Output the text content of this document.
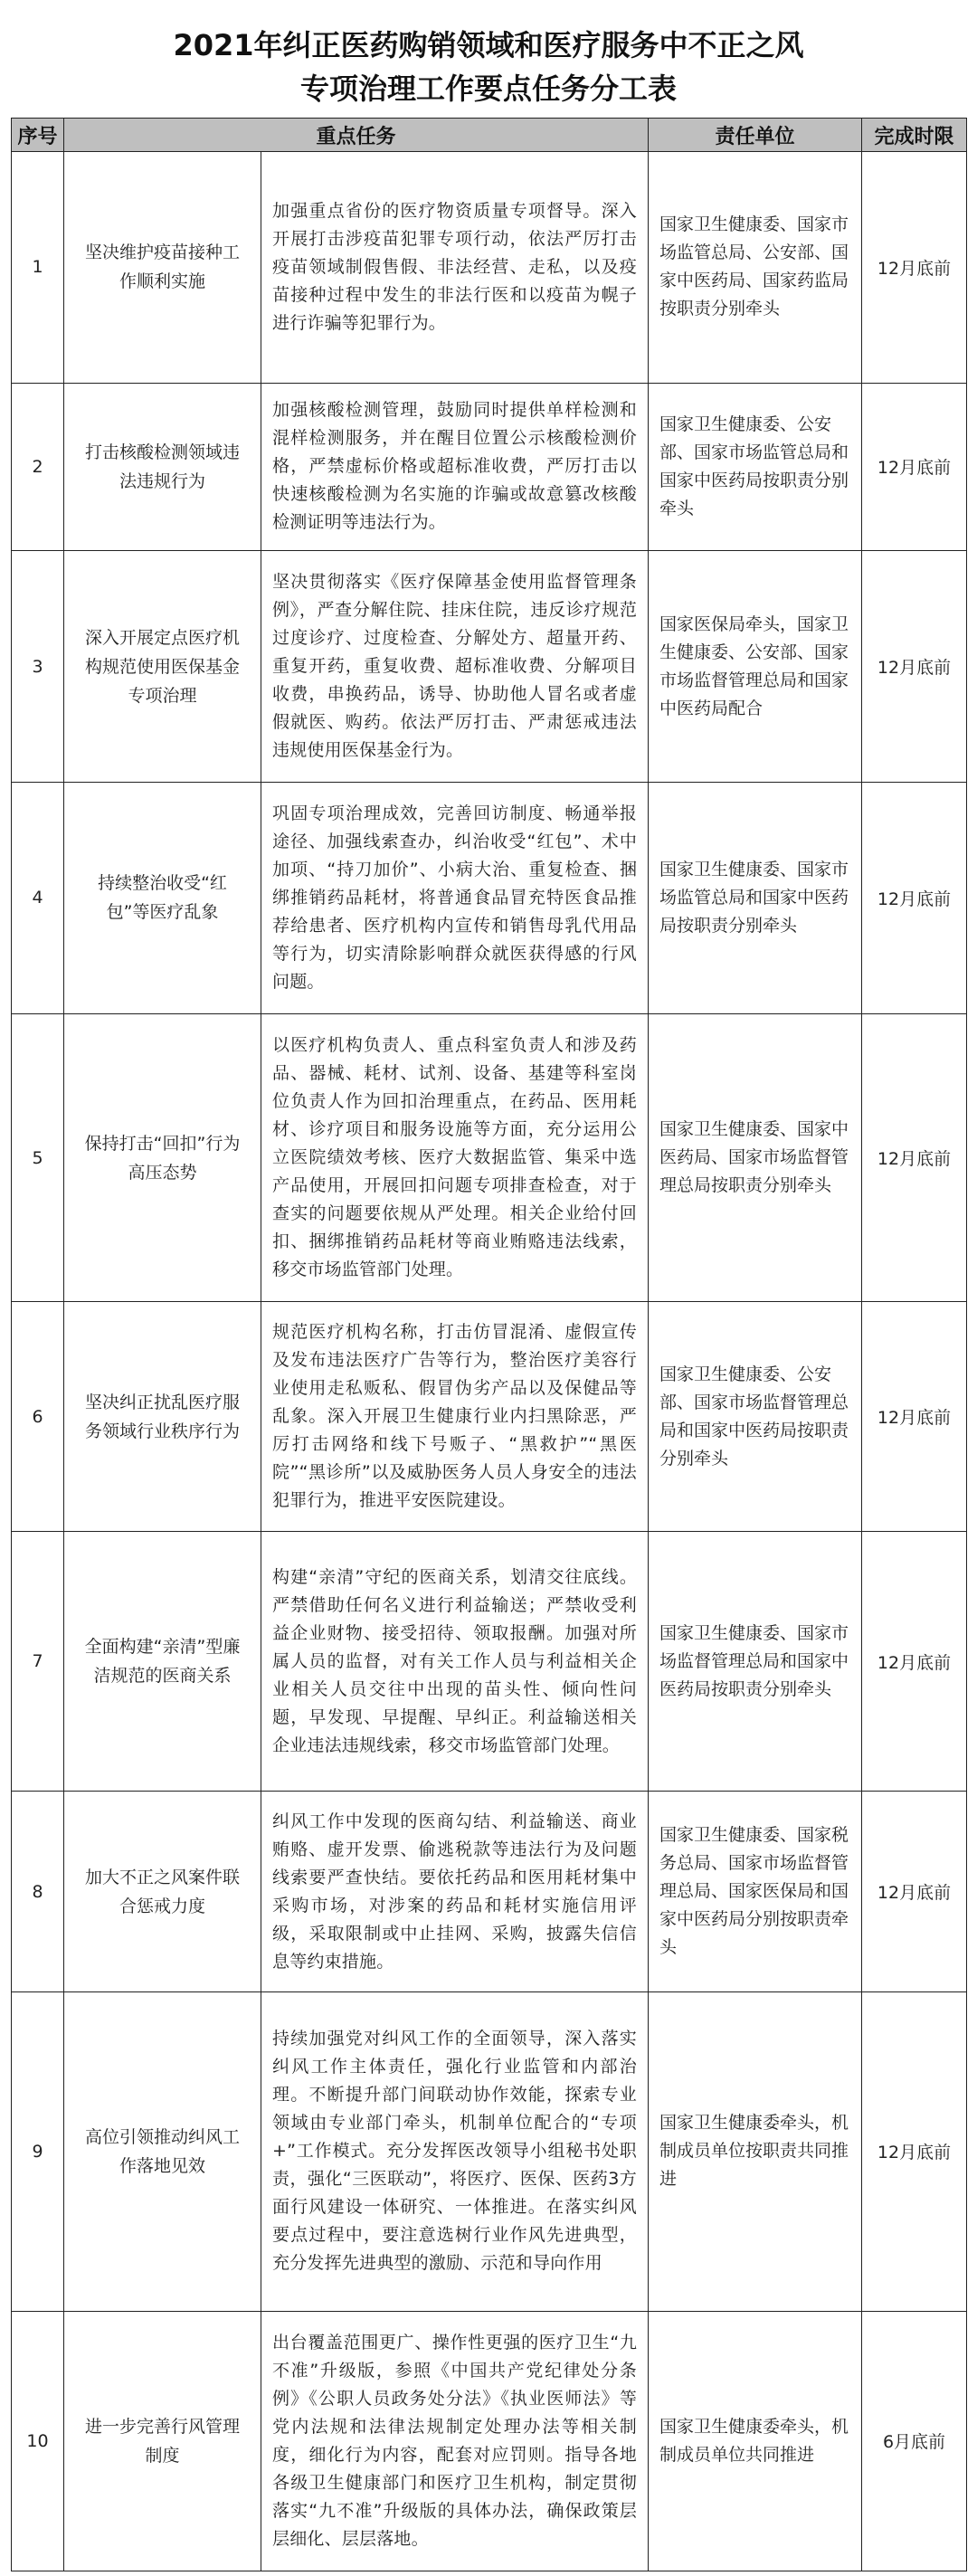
2021年纠正医药购销领域和医疗服务中不正之风
专项治理工作要点任务分工表
序号	重点任务		责任单位	完成时限
1	坚决维护疫苗接种工作顺利实施	加强重点省份的医疗物资质量专项督导。深入开展打击涉疫苗犯罪专项行动，依法严厉打击疫苗领域制假售假、非法经营、走私，以及疫苗接种过程中发生的非法行医和以疫苗为幌子进行诈骗等犯罪行为。	国家卫生健康委、国家市场监管总局、公安部、国家中医药局、国家药监局按职责分别牵头	12月底前
2	打击核酸检测领域违法违规行为	加强核酸检测管理，鼓励同时提供单样检测和混样检测服务，并在醒目位置公示核酸检测价格，严禁虚标价格或超标准收费，严厉打击以快速核酸检测为名实施的诈骗或故意篡改核酸检测证明等违法行为。	国家卫生健康委、公安部、国家市场监管总局和国家中医药局按职责分别牵头	12月底前
3	深入开展定点医疗机构规范使用医保基金专项治理	坚决贯彻落实《医疗保障基金使用监督管理条例》，严查分解住院、挂床住院，违反诊疗规范过度诊疗、过度检查、分解处方、超量开药、重复开药，重复收费、超标准收费、分解项目收费，串换药品，诱导、协助他人冒名或者虚假就医、购药。依法严厉打击、严肃惩戒违法违规使用医保基金行为。	国家医保局牵头，国家卫生健康委、公安部、国家市场监督管理总局和国家中医药局配合	12月底前
4	持续整治收受“红包”等医疗乱象	巩固专项治理成效，完善回访制度、畅通举报途径、加强线索查办，纠治收受“红包”、术中加项、“持刀加价”、小病大治、重复检查、捆绑推销药品耗材，将普通食品冒充特医食品推荐给患者、医疗机构内宣传和销售母乳代用品等行为，切实清除影响群众就医获得感的行风问题。	国家卫生健康委、国家市场监管总局和国家中医药局按职责分别牵头	12月底前
5	保持打击“回扣”行为高压态势	以医疗机构负责人、重点科室负责人和涉及药品、器械、耗材、试剂、设备、基建等科室岗位负责人作为回扣治理重点，在药品、医用耗材、诊疗项目和服务设施等方面，充分运用公立医院绩效考核、医疗大数据监管、集采中选产品使用，开展回扣问题专项排查检查，对于查实的问题要依规从严处理。相关企业给付回扣、捆绑推销药品耗材等商业贿赂违法线索，移交市场监管部门处理。	国家卫生健康委、国家中医药局、国家市场监督管理总局按职责分别牵头	12月底前
6	坚决纠正扰乱医疗服务领域行业秩序行为	规范医疗机构名称，打击仿冒混淆、虚假宣传及发布违法医疗广告等行为，整治医疗美容行业使用走私贩私、假冒伪劣产品以及保健品等乱象。深入开展卫生健康行业内扫黑除恶，严厉打击网络和线下号贩子、“黑救护”“黑医院”“黑诊所”以及威胁医务人员人身安全的违法犯罪行为，推进平安医院建设。	国家卫生健康委、公安部、国家市场监督管理总局和国家中医药局按职责分别牵头	12月底前
7	全面构建“亲清”型廉洁规范的医商关系	构建“亲清”守纪的医商关系，划清交往底线。严禁借助任何名义进行利益输送；严禁收受利益企业财物、接受招待、领取报酬。加强对所属人员的监督，对有关工作人员与利益相关企业相关人员交往中出现的苗头性、倾向性问题，早发现、早提醒、早纠正。利益输送相关企业违法违规线索，移交市场监管部门处理。	国家卫生健康委、国家市场监督管理总局和国家中医药局按职责分别牵头	12月底前
8	加大不正之风案件联合惩戒力度	纠风工作中发现的医商勾结、利益输送、商业贿赂、虚开发票、偷逃税款等违法行为及问题线索要严查快结。要依托药品和医用耗材集中采购市场，对涉案的药品和耗材实施信用评级，采取限制或中止挂网、采购，披露失信信息等约束措施。	国家卫生健康委、国家税务总局、国家市场监督管理总局、国家医保局和国家中医药局分别按职责牵头	12月底前
9	高位引领推动纠风工作落地见效	持续加强党对纠风工作的全面领导，深入落实纠风工作主体责任，强化行业监管和内部治理。不断提升部门间联动协作效能，探索专业领域由专业部门牵头，机制单位配合的“专项+”工作模式。充分发挥医改领导小组秘书处职责，强化“三医联动”，将医疗、医保、医药3方面行风建设一体研究、一体推进。在落实纠风要点过程中，要注意选树行业作风先进典型，充分发挥先进典型的激励、示范和导向作用	国家卫生健康委牵头，机制成员单位按职责共同推进	12月底前
10	进一步完善行风管理制度	出台覆盖范围更广、操作性更强的医疗卫生“九不准”升级版，参照《中国共产党纪律处分条例》《公职人员政务处分法》《执业医师法》等党内法规和法律法规制定处理办法等相关制度，细化行为内容，配套对应罚则。指导各地各级卫生健康部门和医疗卫生机构，制定贯彻落实“九不准”升级版的具体办法，确保政策层层细化、层层落地。	国家卫生健康委牵头，机制成员单位共同推进	6月底前
